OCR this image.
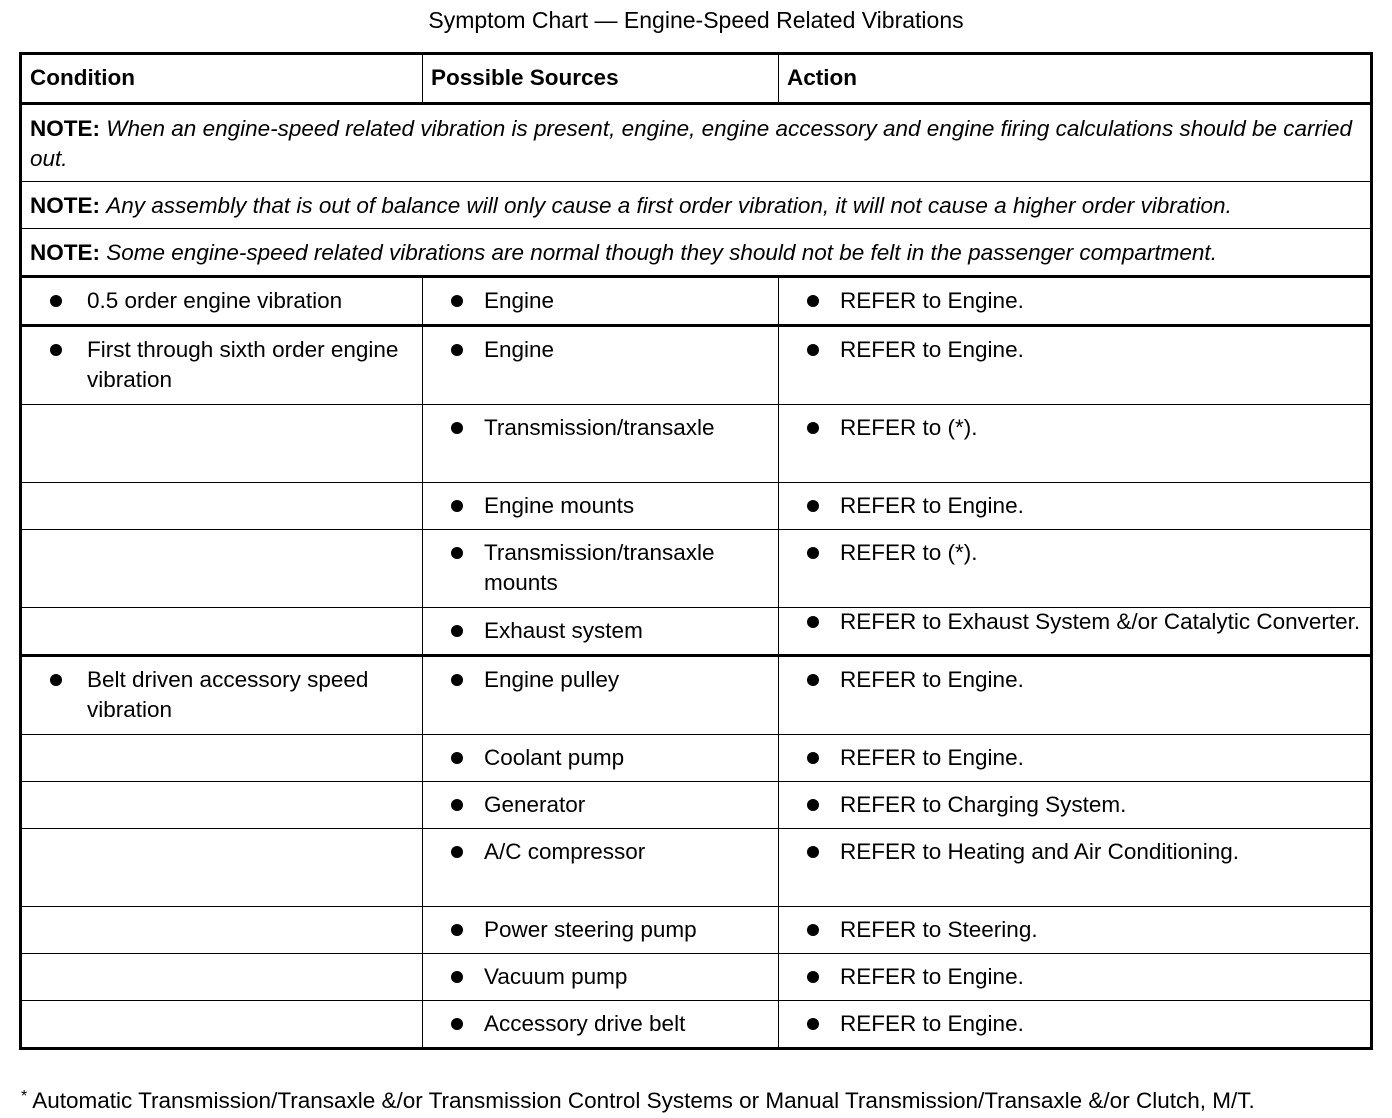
Symptom Chart — Engine-Speed Related Vibrations
Condition	Possible Sources	Action
NOTE: When an engine-speed related vibration is present, engine, engine accessory and engine firing calculations should be carried out.		
NOTE: Any assembly that is out of balance will only cause a first order vibration, it will not cause a higher order vibration.		
NOTE: Some engine-speed related vibrations are normal though they should not be felt in the passenger compartment.		

0.5 order engine vibration	Engine	REFER to Engine.

First through sixth order engine vibration	Engine	REFER to Engine.

	Transmission/transaxle	REFER to (*).

	Engine mounts	REFER to Engine.

	Transmission/transaxle mounts	REFER to (*).

	Exhaust system	REFER to Exhaust System &/or Catalytic Converter.

Belt driven accessory speed vibration	Engine pulley	REFER to Engine.

	Coolant pump	REFER to Engine.

	Generator	REFER to Charging System.

	A/C compressor	REFER to Heating and Air Conditioning.

	Power steering pump	REFER to Steering.

	Vacuum pump	REFER to Engine.

	Accessory drive belt	REFER to Engine.
* Automatic Transmission/Transaxle &/or Transmission Control Systems or Manual Transmission/Transaxle &/or Clutch, M/T.
